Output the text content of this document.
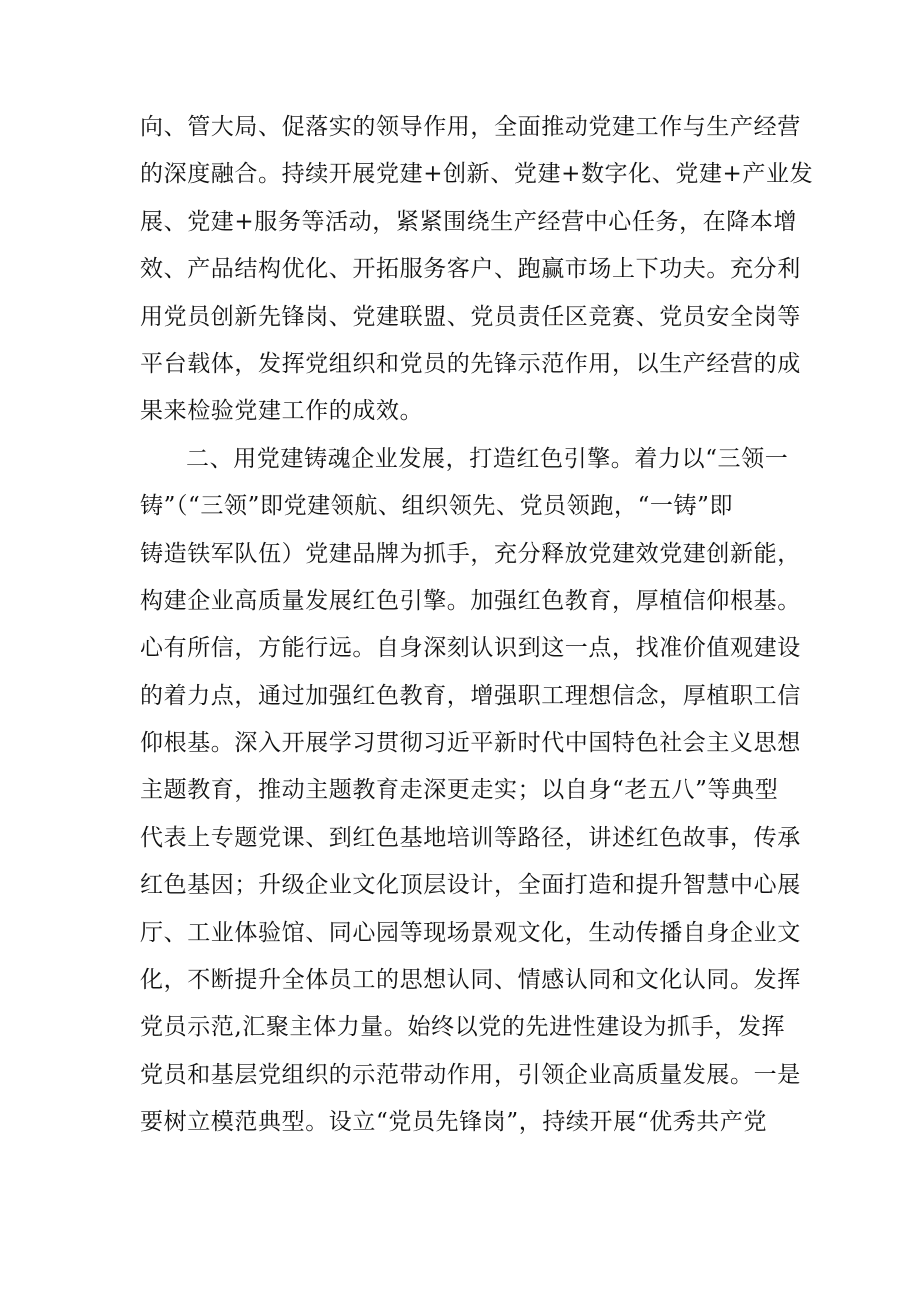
向、管大局、促落实的领导作用，全面推动党建工作与生产经营
的深度融合。持续开展党建+创新、党建+数字化、党建+产业发
展、党建+服务等活动，紧紧围绕生产经营中心任务，在降本增
效、产品结构优化、开拓服务客户、跑赢市场上下功夫。充分利
用党员创新先锋岗、党建联盟、党员责任区竞赛、党员安全岗等
平台载体，发挥党组织和党员的先锋示范作用，以生产经营的成
果来检验党建工作的成效。
二、用党建铸魂企业发展，打造红色引擎。着力以“三领一
铸”（“三领”即党建领航、组织领先、党员领跑，“一铸”即
铸造铁军队伍）党建品牌为抓手，充分释放党建效党建创新能，
构建企业高质量发展红色引擎。加强红色教育，厚植信仰根基。
心有所信，方能行远。自身深刻认识到这一点，找准价值观建设
的着力点，通过加强红色教育，增强职工理想信念，厚植职工信
仰根基。深入开展学习贯彻习近平新时代中国特色社会主义思想
主题教育，推动主题教育走深更走实；以自身“老五八”等典型
代表上专题党课、到红色基地培训等路径，讲述红色故事，传承
红色基因；升级企业文化顶层设计，全面打造和提升智慧中心展
厅、工业体验馆、同心园等现场景观文化，生动传播自身企业文
化，不断提升全体员工的思想认同、情感认同和文化认同。发挥
党员示范,汇聚主体力量。始终以党的先进性建设为抓手，发挥
党员和基层党组织的示范带动作用，引领企业高质量发展。一是
要树立模范典型。设立“党员先锋岗”，持续开展“优秀共产党
